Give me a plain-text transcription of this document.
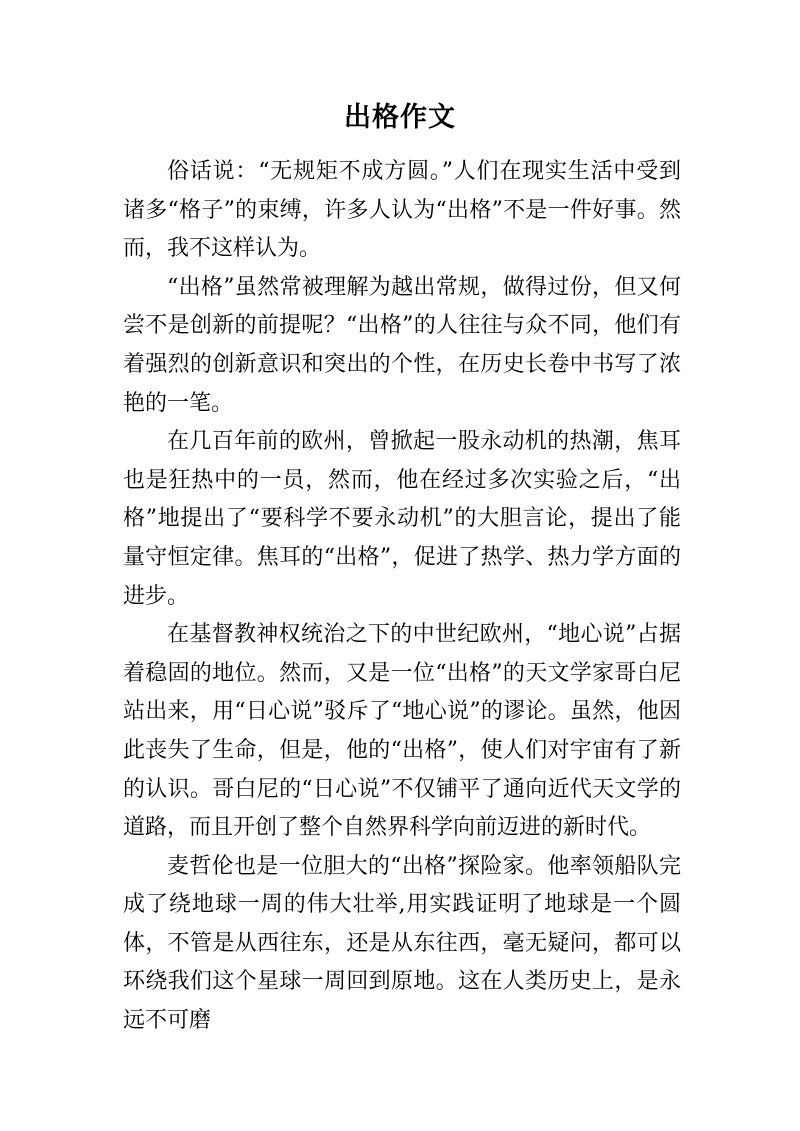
出格作文

俗话说：“无规矩不成方圆。”人们在现实生活中受到诸多“格子”的束缚，许多人认为“出格”不是一件好事。然而，我不这样认为。

“出格”虽然常被理解为越出常规，做得过份，但又何尝不是创新的前提呢？“出格”的人往往与众不同，他们有着强烈的创新意识和突出的个性，在历史长卷中书写了浓艳的一笔。

在几百年前的欧州，曾掀起一股永动机的热潮，焦耳也是狂热中的一员，然而，他在经过多次实验之后，“出格”地提出了“要科学不要永动机”的大胆言论，提出了能量守恒定律。焦耳的“出格”，促进了热学、热力学方面的进步。

在基督教神权统治之下的中世纪欧州，“地心说”占据着稳固的地位。然而，又是一位“出格”的天文学家哥白尼站出来，用“日心说”驳斥了“地心说”的谬论。虽然，他因此丧失了生命，但是，他的“出格”，使人们对宇宙有了新的认识。哥白尼的“日心说”不仅铺平了通向近代天文学的道路，而且开创了整个自然界科学向前迈进的新时代。

麦哲伦也是一位胆大的“出格”探险家。他率领船队完成了绕地球一周的伟大壮举,用实践证明了地球是一个圆体，不管是从西往东，还是从东往西，毫无疑问，都可以环绕我们这个星球一周回到原地。这在人类历史上，是永远不可磨
